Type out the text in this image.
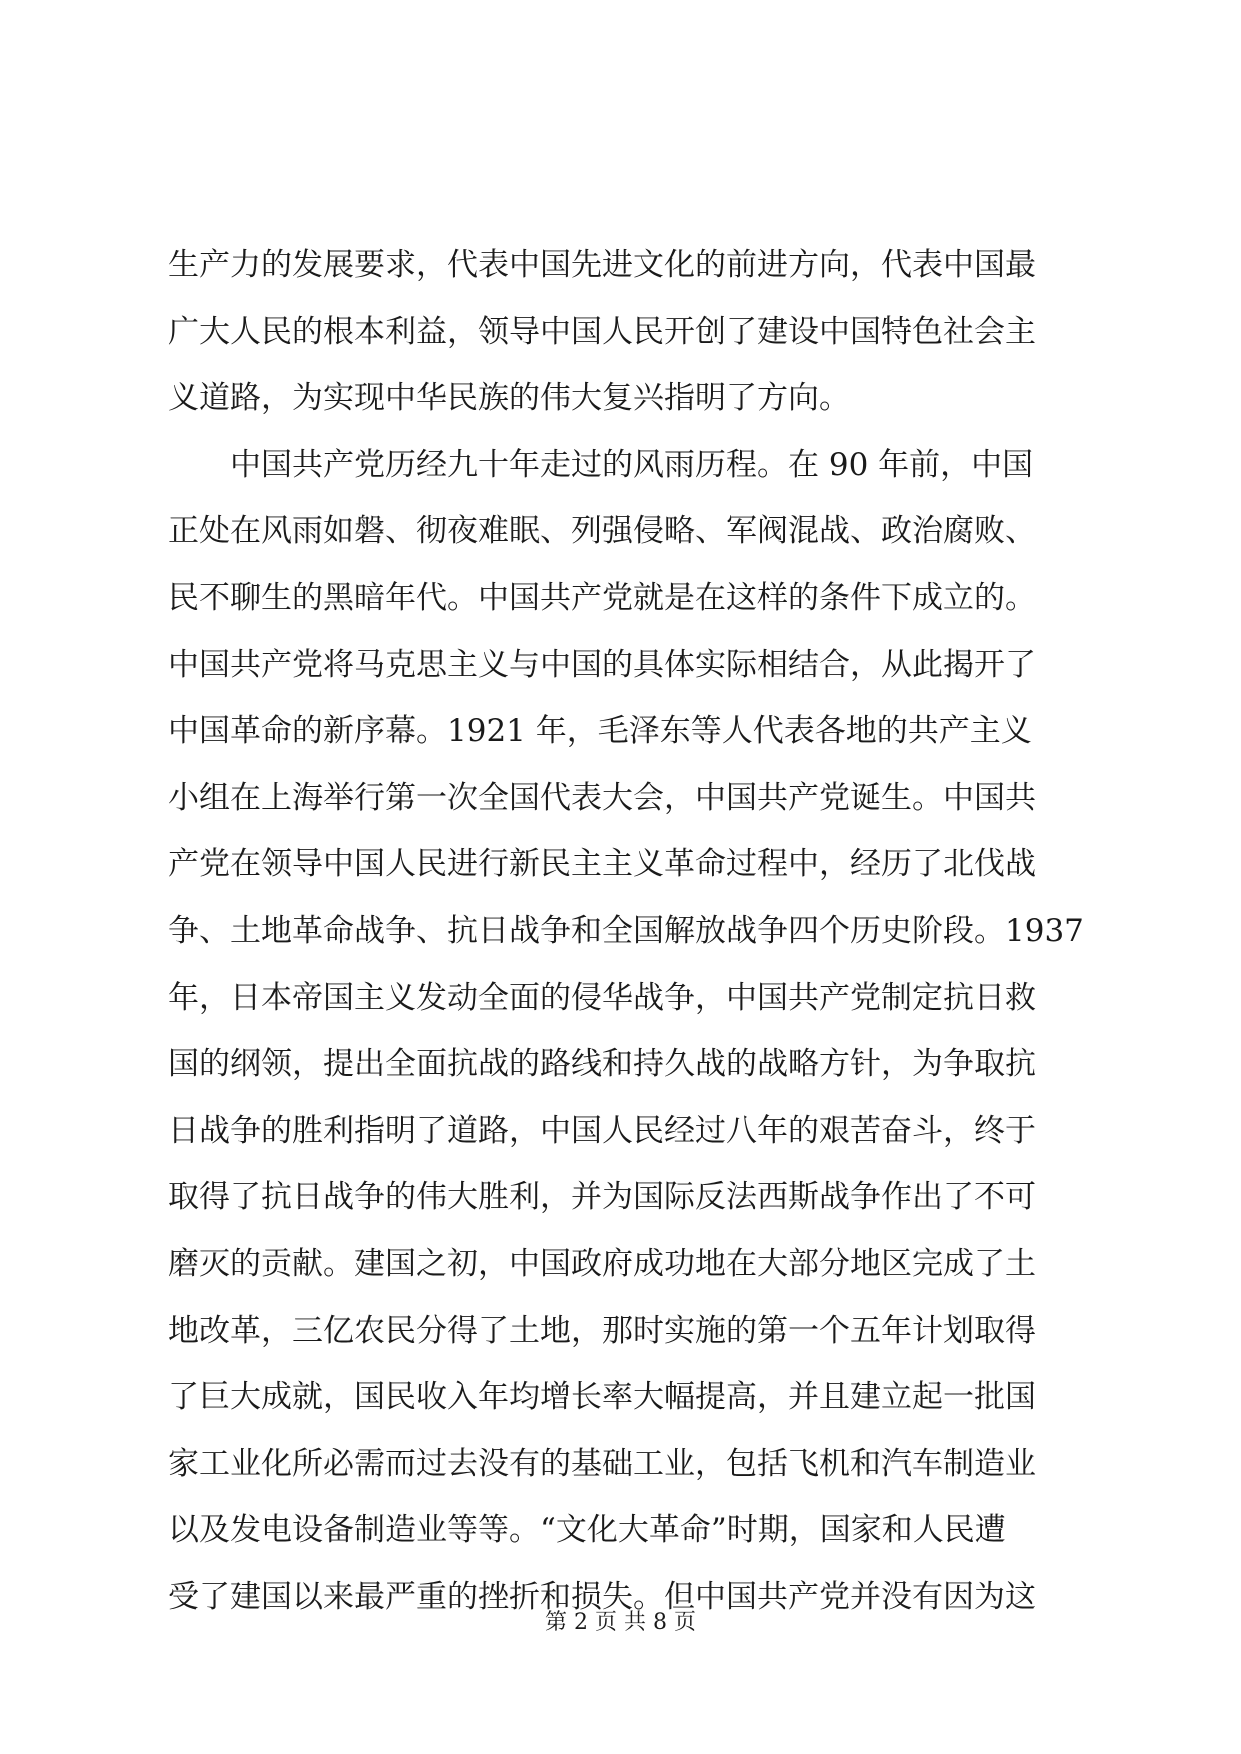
生产力的发展要求，代表中国先进文化的前进方向，代表中国最
广大人民的根本利益，领导中国人民开创了建设中国特色社会主
义道路，为实现中华民族的伟大复兴指明了方向。
　　中国共产党历经九十年走过的风雨历程。在 90 年前，中国
正处在风雨如磐、彻夜难眠、列强侵略、军阀混战、政治腐败、
民不聊生的黑暗年代。中国共产党就是在这样的条件下成立的。
中国共产党将马克思主义与中国的具体实际相结合，从此揭开了
中国革命的新序幕。1921 年，毛泽东等人代表各地的共产主义
小组在上海举行第一次全国代表大会，中国共产党诞生。中国共
产党在领导中国人民进行新民主主义革命过程中，经历了北伐战
争、土地革命战争、抗日战争和全国解放战争四个历史阶段。1937
年，日本帝国主义发动全面的侵华战争，中国共产党制定抗日救
国的纲领，提出全面抗战的路线和持久战的战略方针，为争取抗
日战争的胜利指明了道路，中国人民经过八年的艰苦奋斗，终于
取得了抗日战争的伟大胜利，并为国际反法西斯战争作出了不可
磨灭的贡献。建国之初，中国政府成功地在大部分地区完成了土
地改革，三亿农民分得了土地，那时实施的第一个五年计划取得
了巨大成就，国民收入年均增长率大幅提高，并且建立起一批国
家工业化所必需而过去没有的基础工业，包括飞机和汽车制造业
以及发电设备制造业等等。“文化大革命”时期，国家和人民遭
受了建国以来最严重的挫折和损失。但中国共产党并没有因为这
第 2 页 共 8 页
